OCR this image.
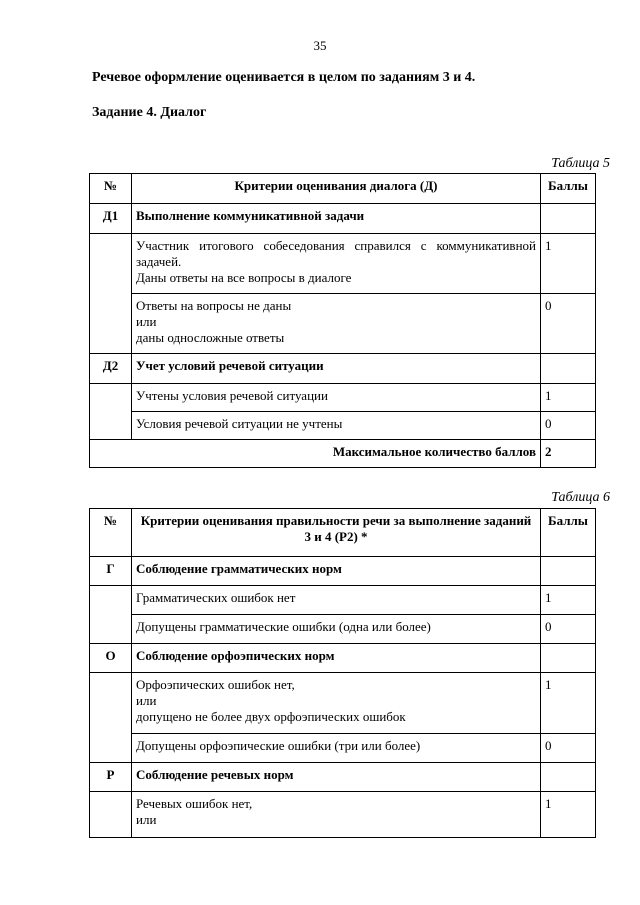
35
Речевое оформление оценивается в целом по заданиям 3 и 4.
Задание 4. Диалог
Таблица 5
№	Критерии оценивания диалога (Д)	Баллы
Д1	Выполнение коммуникативной задачи	
	Участник итогового собеседования справился с коммуникативной задачей.
Даны ответы на все вопросы в диалоге	1
	Ответы на вопросы не даны
или
даны односложные ответы	0
Д2	Учет условий речевой ситуации	
	Учтены условия речевой ситуации	1
	Условия речевой ситуации не учтены	0
Максимальное количество баллов		2
Таблица 6
№	Критерии оценивания правильности речи за выполнение заданий 3 и 4 (Р2) *	Баллы
Г	Соблюдение грамматических норм	
	Грамматических ошибок нет	1
	Допущены грамматические ошибки (одна или более)	0
О	Соблюдение орфоэпических норм	
	Орфоэпических ошибок нет,
или
допущено не более двух орфоэпических ошибок	1
	Допущены орфоэпические ошибки (три или более)	0
Р	Соблюдение речевых норм	
	Речевых ошибок нет,
или	1
